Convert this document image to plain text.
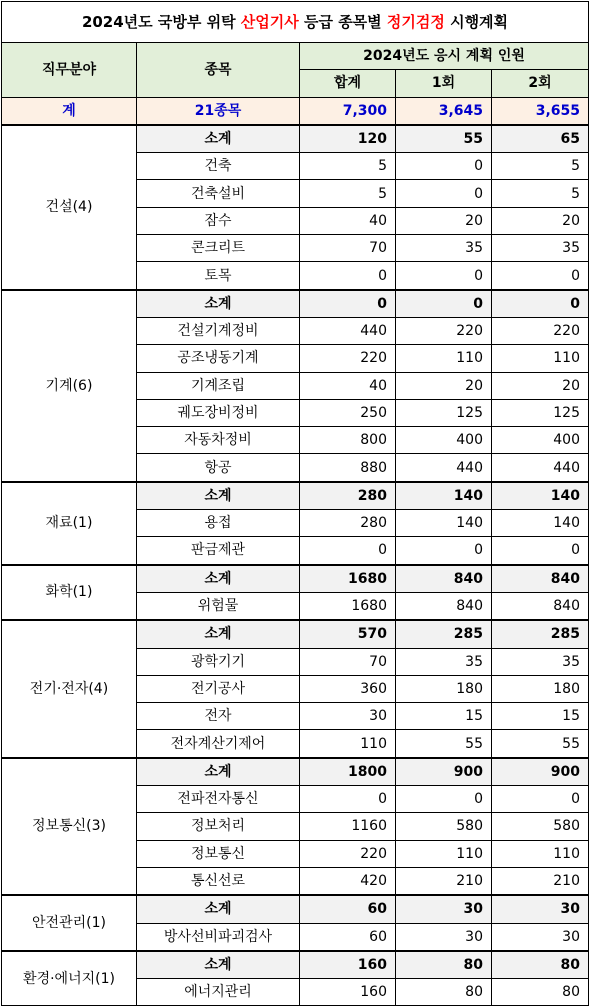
2024년도 국방부 위탁 산업기사 등급 종목별 정기검정 시행계획				
직무분야	종목	2024년도 응시 계획 인원		
		합계	1회	2회
계	21종목	7,300	3,645	3,655
건설(4)	소계	120	55	65
	건축	5	0	5
	건축설비	5	0	5
	잠수	40	20	20
	콘크리트	70	35	35
	토목	0	0	0
기계(6)	소계	0	0	0
	건설기계정비	440	220	220
	공조냉동기계	220	110	110
	기계조립	40	20	20
	궤도장비정비	250	125	125
	자동차정비	800	400	400
	항공	880	440	440
재료(1)	소계	280	140	140
	용접	280	140	140
	판금제관	0	0	0
화학(1)	소계	1680	840	840
	위험물	1680	840	840
전기·전자(4)	소계	570	285	285
	광학기기	70	35	35
	전기공사	360	180	180
	전자	30	15	15
	전자계산기제어	110	55	55
정보통신(3)	소계	1800	900	900
	전파전자통신	0	0	0
	정보처리	1160	580	580
	정보통신	220	110	110
	통신선로	420	210	210
안전관리(1)	소계	60	30	30
	방사선비파괴검사	60	30	30
환경·에너지(1)	소계	160	80	80
	에너지관리	160	80	80
